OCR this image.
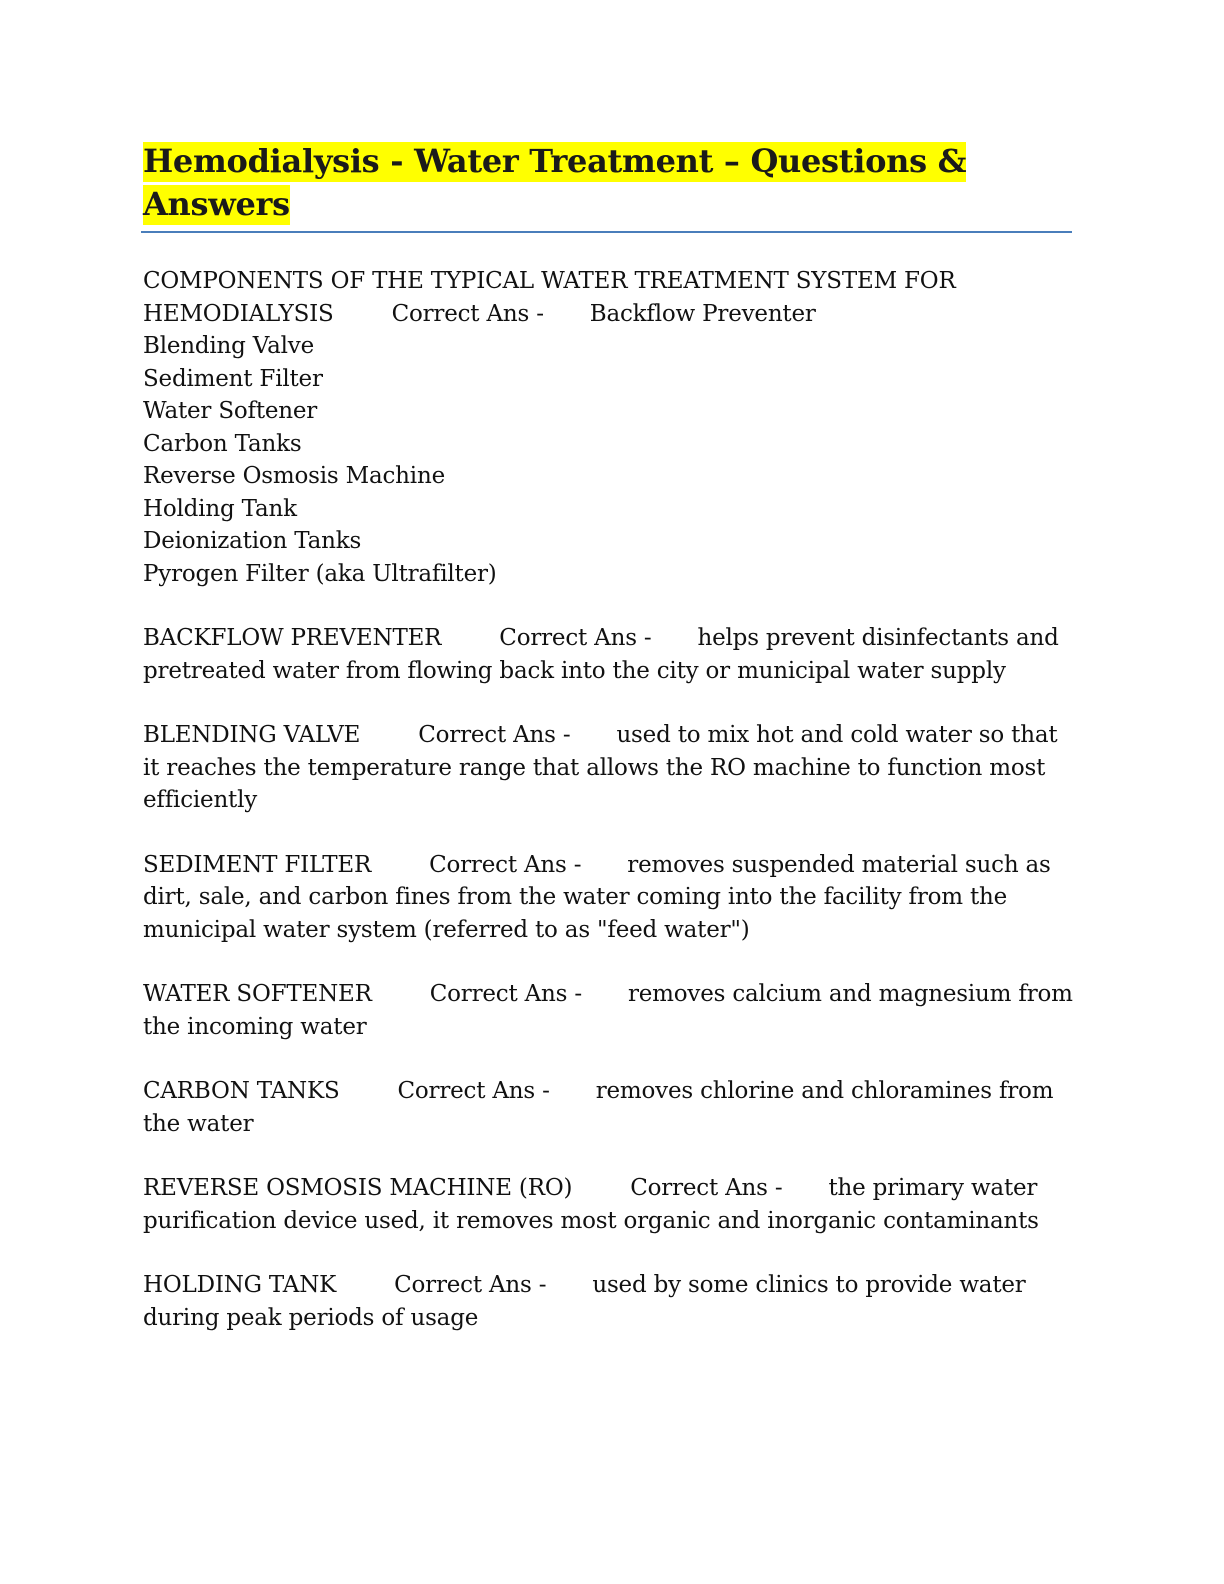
Hemodialysis - Water Treatment – Questions &
Answers
COMPONENTS OF THE TYPICAL WATER TREATMENT SYSTEM FOR HEMODIALYSIS	Correct Ans - Backflow Preventer
Blending Valve
Sediment Filter
Water Softener
Carbon Tanks
Reverse Osmosis Machine
Holding Tank
Deionization Tanks
Pyrogen Filter (aka Ultrafilter)
BACKFLOW PREVENTER	Correct Ans - helps prevent disinfectants and pretreated water from flowing back into the city or municipal water supply
BLENDING VALVE	Correct Ans - used to mix hot and cold water so that it reaches the temperature range that allows the RO machine to function most efficiently
SEDIMENT FILTER	Correct Ans - removes suspended material such as dirt, sale, and carbon fines from the water coming into the facility from the municipal water system (referred to as "feed water")
WATER SOFTENER	Correct Ans - removes calcium and magnesium from the incoming water
CARBON TANKS	Correct Ans - removes chlorine and chloramines from the water
REVERSE OSMOSIS MACHINE (RO)	Correct Ans - the primary water purification device used, it removes most organic and inorganic contaminants
HOLDING TANK	Correct Ans - used by some clinics to provide water during peak periods of usage
